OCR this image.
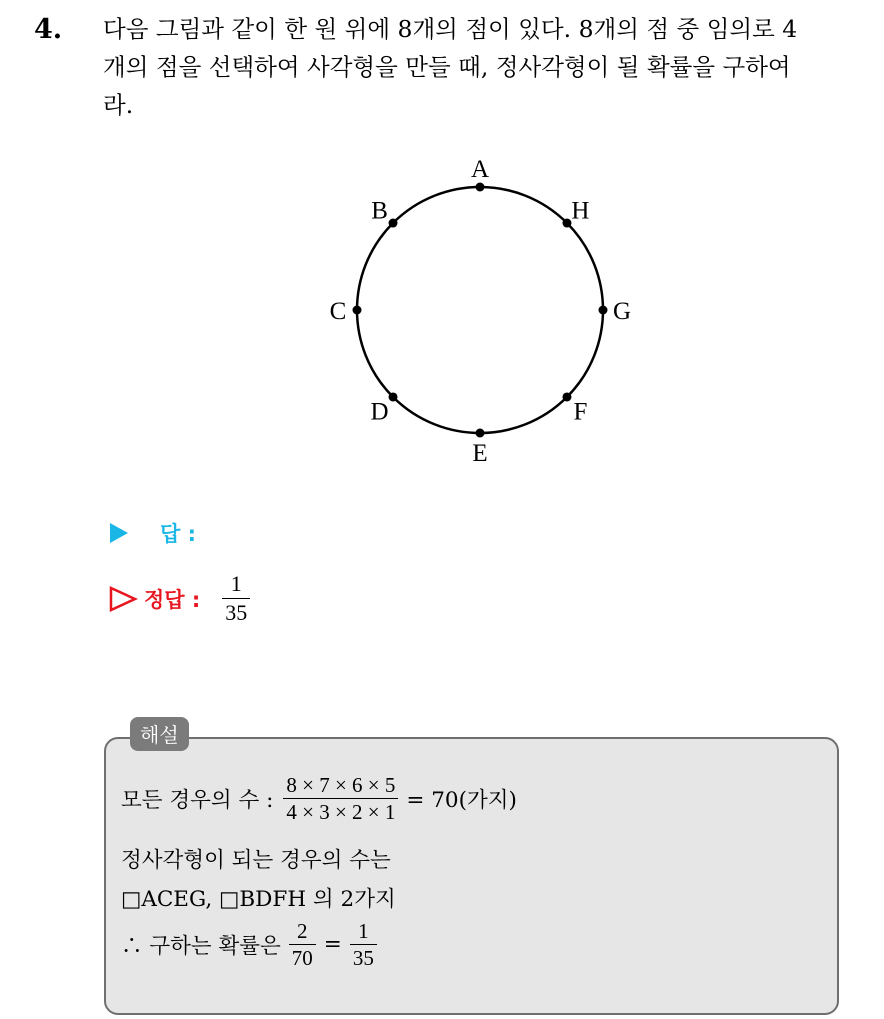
4. 다음 그림과 같이 한 원 위에 8개의 점이 있다. 8개의 점 중 임의로 4
개의 점을 선택하여 사각형을 만들 때, 정사각형이 될 확률을 구하여
라.
A
H
G
F
E
D
C
B
답 :
정답 : $\frac{1}{35}$
해설
모든 경우의 수 : $\frac{8 \times 7 \times 6 \times 5}{4 \times 3 \times 2 \times 1} = 70$(가지)
정사각형이 되는 경우의 수는
□ACEG, □BDFH 의 2가지
∴ 구하는 확률은 $\frac{2}{70} = \frac{1}{35}$
